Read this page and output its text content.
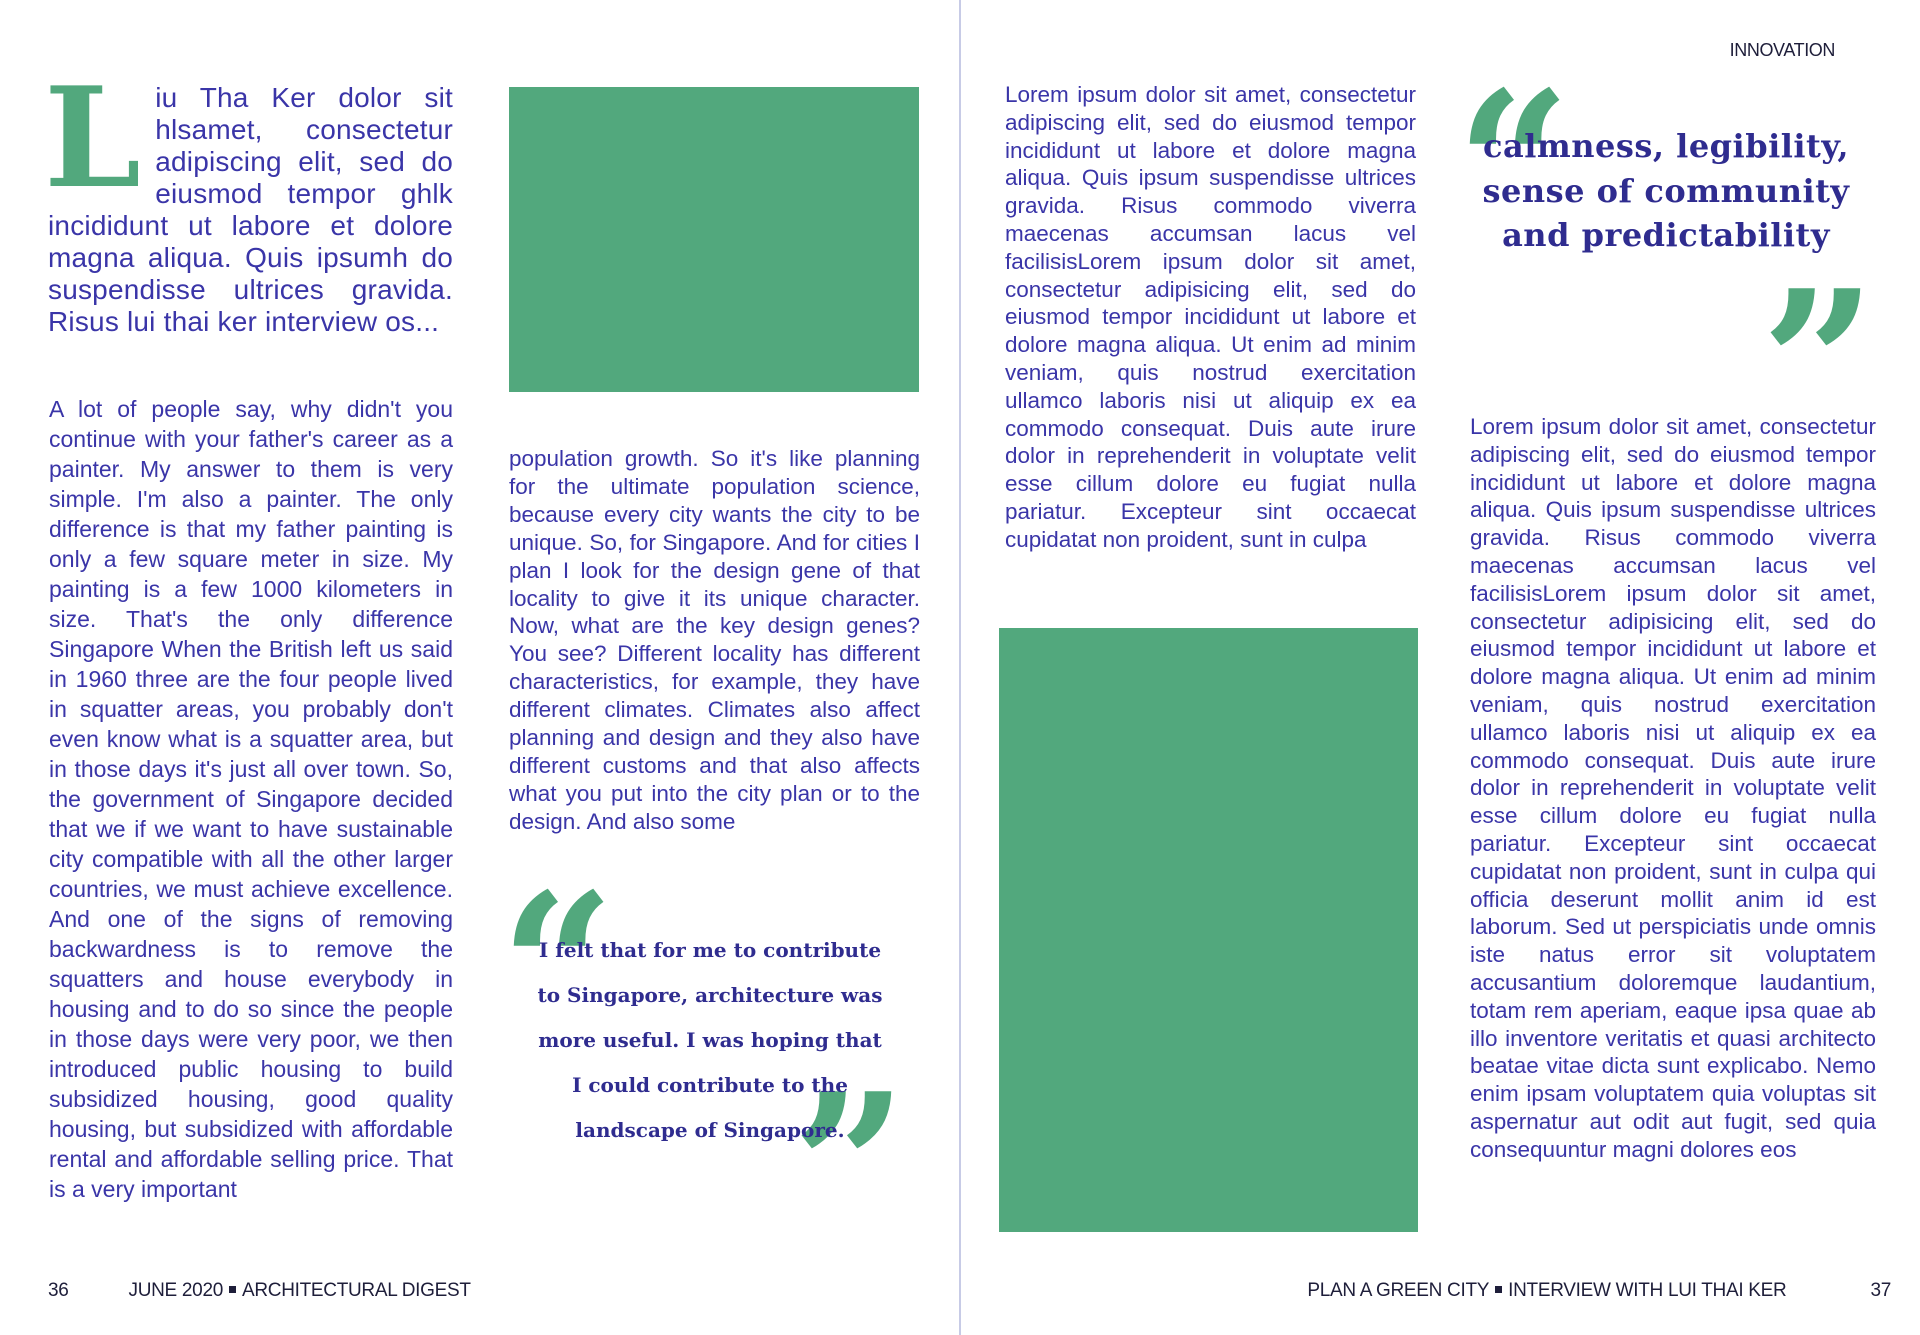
Liu Tha Ker dolor sit hlsamet, consectetur adipiscing elit, sed do eiusmod tempor ghlk incididunt ut labore et dolore magna aliqua. Quis ipsumh do suspendisse ultrices gravida. Risus lui thai ker interview os...
A lot of people say, why didn't you continue with your father's career as a painter. My answer to them is very simple. I'm also a painter. The only difference is that my father painting is only a few square meter in size. My painting is a few 1000 kilometers in size. That's the only difference Singapore When the British left us said in 1960 three are the four people lived in squatter areas, you probably don't even know what is a squatter area, but in those days it's just all over town. So, the government of Singapore decided that we if we want to have sustainable city compatible with all the other larger countries, we must achieve excellence. And one of the signs of removing backwardness is to remove the squatters and house everybody in housing and to do so since the people in those days were very poor, we then introduced public housing to build subsidized housing, good quality housing, but subsidized with affordable rental and affordable selling price. That is a very important
population growth. So it's like planning for the ultimate population science, because every city wants the city to be unique. So, for Singapore. And for cities I plan I look for the design gene of that locality to give it its unique character. Now, what are the key design genes? You see? Different locality has different characteristics, for example, they have different climates. Climates also affect planning and design and they also have different customs and that also affects what you put into the city plan or to the design. And also some
“
”
I felt that for me to contribute to Singapore, architecture was more useful. I was hoping that I could contribute to the landscape of Singapore.
36	JUNE 2020 ARCHITECTURAL DIGEST
INNOVATION
Lorem ipsum dolor sit amet, consectetur adipiscing elit, sed do eiusmod tempor incididunt ut labore et dolore magna aliqua. Quis ipsum suspendisse ultrices gravida. Risus commodo viverra maecenas accumsan lacus vel facilisisLorem ipsum dolor sit amet, consectetur adipisicing elit, sed do eiusmod tempor incididunt ut labore et dolore magna aliqua. Ut enim ad minim veniam, quis nostrud exercitation ullamco laboris nisi ut aliquip ex ea commodo consequat. Duis aute irure dolor in reprehenderit in voluptate velit esse cillum dolore eu fugiat nulla pariatur. Excepteur sint occaecat cupidatat non proident, sunt in culpa
“
”
calmness, legibility, sense of community and predictability
Lorem ipsum dolor sit amet, consectetur adipiscing elit, sed do eiusmod tempor incididunt ut labore et dolore magna aliqua. Quis ipsum suspendisse ultrices gravida. Risus commodo viverra maecenas accumsan lacus vel facilisisLorem ipsum dolor sit amet, consectetur adipisicing elit, sed do eiusmod tempor incididunt ut labore et dolore magna aliqua. Ut enim ad minim veniam, quis nostrud exercitation ullamco laboris nisi ut aliquip ex ea commodo consequat. Duis aute irure dolor in reprehenderit in voluptate velit esse cillum dolore eu fugiat nulla pariatur. Excepteur sint occaecat cupidatat non proident, sunt in culpa qui officia deserunt mollit anim id est laborum. Sed ut perspiciatis unde omnis iste natus error sit voluptatem accusantium doloremque laudantium, totam rem aperiam, eaque ipsa quae ab illo inventore veritatis et quasi architecto beatae vitae dicta sunt explicabo. Nemo enim ipsam voluptatem quia voluptas sit aspernatur aut odit aut fugit, sed quia consequuntur magni dolores eos
PLAN A GREEN CITY INTERVIEW WITH LUI THAI KER	37
